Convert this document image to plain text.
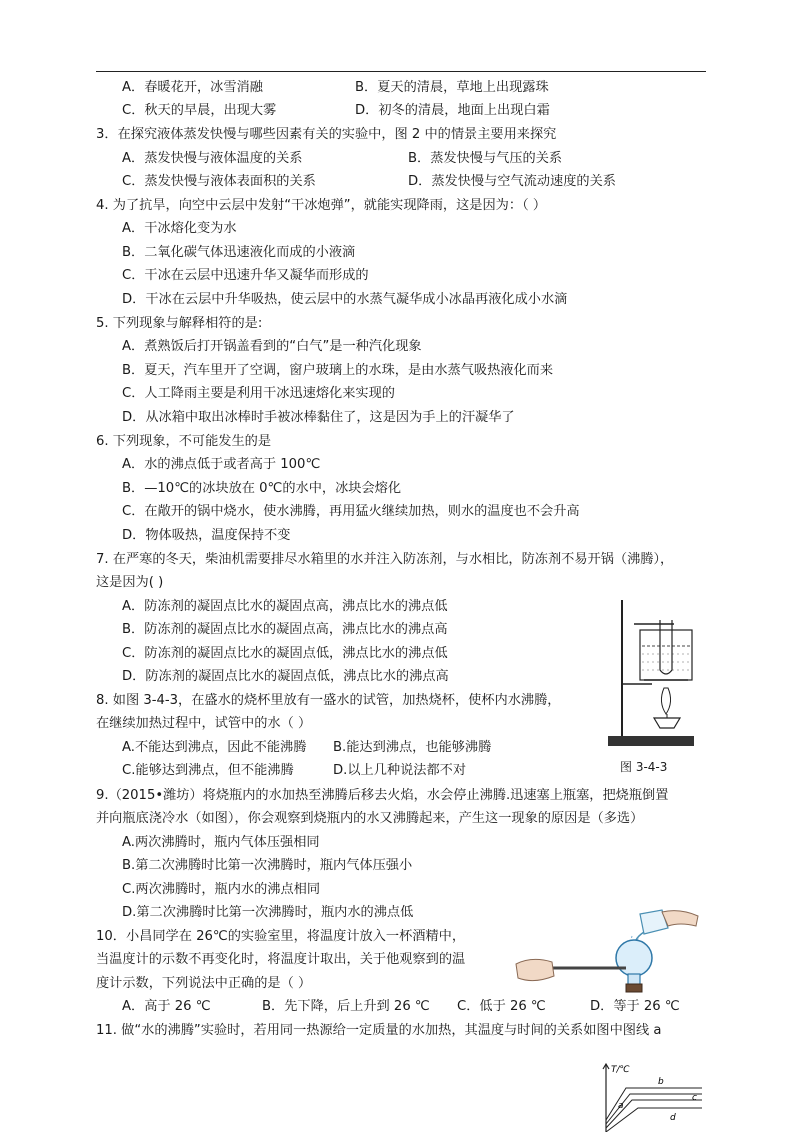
A．春暖花开，冰雪消融	B．夏天的清晨，草地上出现露珠
C．秋天的早晨，出现大雾	D．初冬的清晨，地面上出现白霜
3．在探究液体蒸发快慢与哪些因素有关的实验中，图 2 中的情景主要用来探究
A．蒸发快慢与液体温度的关系	B．蒸发快慢与气压的关系
C．蒸发快慢与液体表面积的关系	D．蒸发快慢与空气流动速度的关系
4. 为了抗旱，向空中云层中发射“干冰炮弹”，就能实现降雨，这是因为：（ ）
A．干冰熔化变为水
B．二氧化碳气体迅速液化而成的小液滴
C．干冰在云层中迅速升华又凝华而形成的
D．干冰在云层中升华吸热，使云层中的水蒸气凝华成小冰晶再液化成小水滴
5. 下列现象与解释相符的是:
A．煮熟饭后打开锅盖看到的“白气”是一种汽化现象
B．夏天，汽车里开了空调，窗户玻璃上的水珠，是由水蒸气吸热液化而来
C．人工降雨主要是利用干冰迅速熔化来实现的
D．从冰箱中取出冰棒时手被冰棒黏住了，这是因为手上的汗凝华了
6. 下列现象，不可能发生的是
A．水的沸点低于或者高于 100℃
B．—10℃的冰块放在 0℃的水中，冰块会熔化
C．在敞开的锅中烧水，使水沸腾，再用猛火继续加热，则水的温度也不会升高
D．物体吸热，温度保持不变
7. 在严寒的冬天，柴油机需要排尽水箱里的水并注入防冻剂，与水相比，防冻剂不易开锅（沸腾），
这是因为( )
A．防冻剂的凝固点比水的凝固点高，沸点比水的沸点低
B．防冻剂的凝固点比水的凝固点高，沸点比水的沸点高
C．防冻剂的凝固点比水的凝固点低，沸点比水的沸点低
D．防冻剂的凝固点比水的凝固点低，沸点比水的沸点高
8. 如图 3-4-3，在盛水的烧杯里放有一盛水的试管，加热烧杯，使杯内水沸腾，
在继续加热过程中，试管中的水（ ）
A.不能达到沸点，因此不能沸腾 B.能达到沸点，也能够沸腾
C.能够达到沸点，但不能沸腾	D.以上几种说法都不对
9.（2015•潍坊）将烧瓶内的水加热至沸腾后移去火焰，水会停止沸腾.迅速塞上瓶塞，把烧瓶倒置
并向瓶底浇冷水（如图），你会观察到烧瓶内的水又沸腾起来，产生这一现象的原因是（多选）
A.两次沸腾时，瓶内气体压强相同
B.第二次沸腾时比第一次沸腾时，瓶内气体压强小
C.两次沸腾时，瓶内水的沸点相同
D.第二次沸腾时比第一次沸腾时，瓶内水的沸点低
10．小昌同学在 26℃的实验室里，将温度计放入一杯酒精中，
当温度计的示数不再变化时，将温度计取出，关于他观察到的温
度计示数，下列说法中正确的是（ ）
A．高于 26 ℃	B．先下降，后上升到 26 ℃ C．低于 26 ℃	D．等于 26 ℃
11. 做“水的沸腾”实验时，若用同一热源给一定质量的水加热，其温度与时间的关系如图中图线 a
图 3-4-3
T/℃
b
c
d
a
